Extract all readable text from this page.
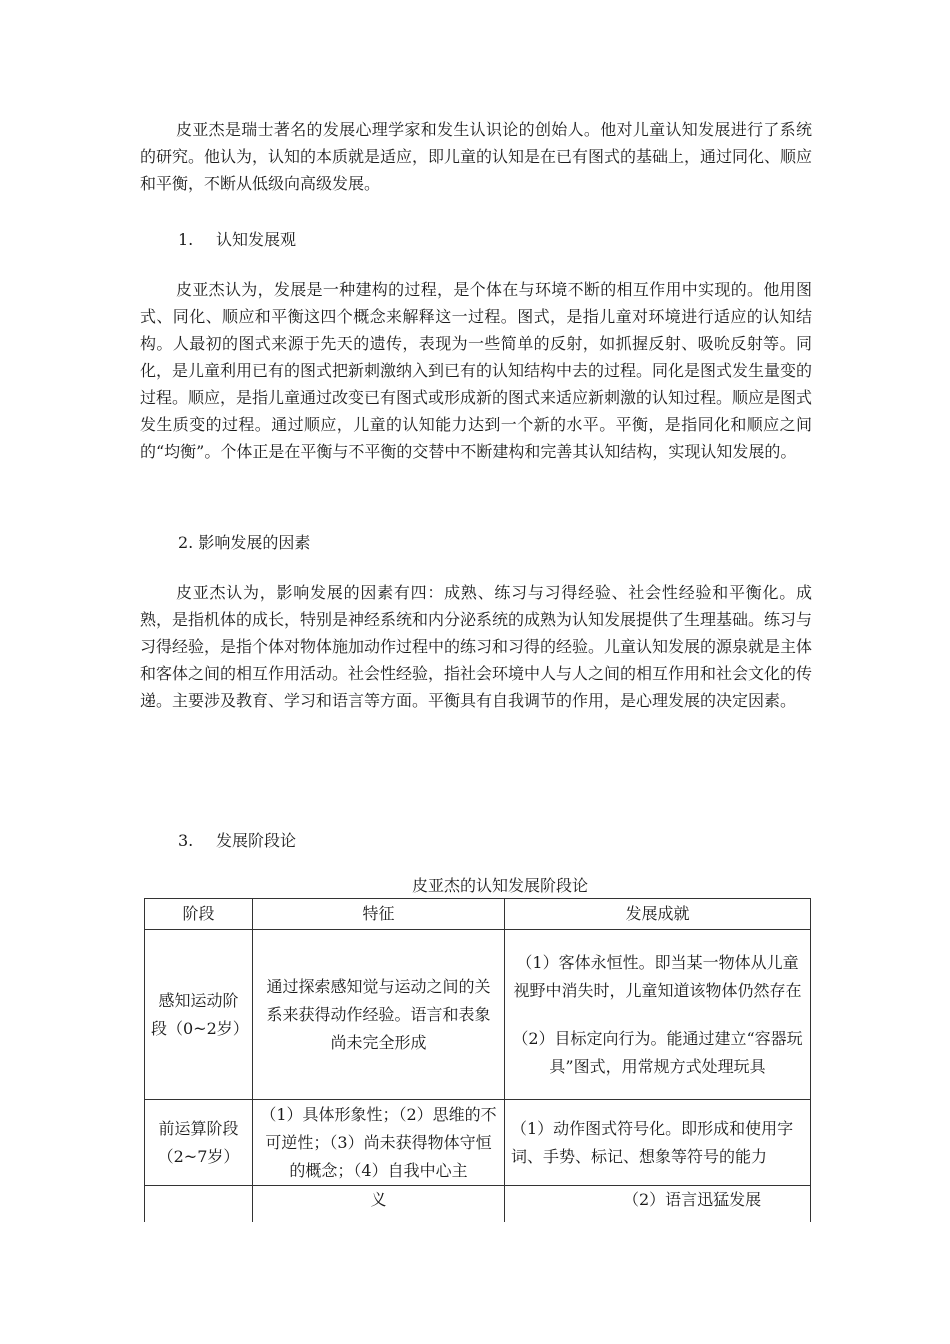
皮亚杰是瑞士著名的发展心理学家和发生认识论的创始人。他对儿童认知发展进行了系统的研究。他认为，认知的本质就是适应，即儿童的认知是在已有图式的基础上，通过同化、顺应和平衡，不断从低级向高级发展。

1. 认知发展观

皮亚杰认为，发展是一种建构的过程，是个体在与环境不断的相互作用中实现的。他用图式、同化、顺应和平衡这四个概念来解释这一过程。图式，是指儿童对环境进行适应的认知结构。人最初的图式来源于先天的遗传，表现为一些简单的反射，如抓握反射、吸吮反射等。同化，是儿童利用已有的图式把新刺激纳入到已有的认知结构中去的过程。同化是图式发生量变的过程。顺应，是指儿童通过改变已有图式或形成新的图式来适应新刺激的认知过程。顺应是图式发生质变的过程。通过顺应，儿童的认知能力达到一个新的水平。平衡，是指同化和顺应之间的“均衡”。个体正是在平衡与不平衡的交替中不断建构和完善其认知结构，实现认知发展的。

2. 影响发展的因素

皮亚杰认为，影响发展的因素有四：成熟、练习与习得经验、社会性经验和平衡化。成熟，是指机体的成长，特别是神经系统和内分泌系统的成熟为认知发展提供了生理基础。练习与习得经验，是指个体对物体施加动作过程中的练习和习得的经验。儿童认知发展的源泉就是主体和客体之间的相互作用活动。社会性经验，指社会环境中人与人之间的相互作用和社会文化的传递。主要涉及教育、学习和语言等方面。平衡具有自我调节的作用，是心理发展的决定因素。

3. 发展阶段论
皮亚杰的认知发展阶段论
阶段	特征	发展成就
感知运动阶段（0~2岁）	通过探索感知觉与运动之间的关系来获得动作经验。语言和表象尚未完全形成	（1）客体永恒性。即当某一物体从儿童视野中消失时，儿童知道该物体仍然存在
（2）目标定向行为。能通过建立“容器玩具”图式，用常规方式处理玩具

前运算阶段（2~7岁）	（1）具体形象性；（2）思维的不可逆性；（3）尚未获得物体守恒的概念；（4）自我中心主	（1）动作图式符号化。即形成和使用字词、手势、标记、想象等符号的能力
	义	（2）语言迅猛发展
